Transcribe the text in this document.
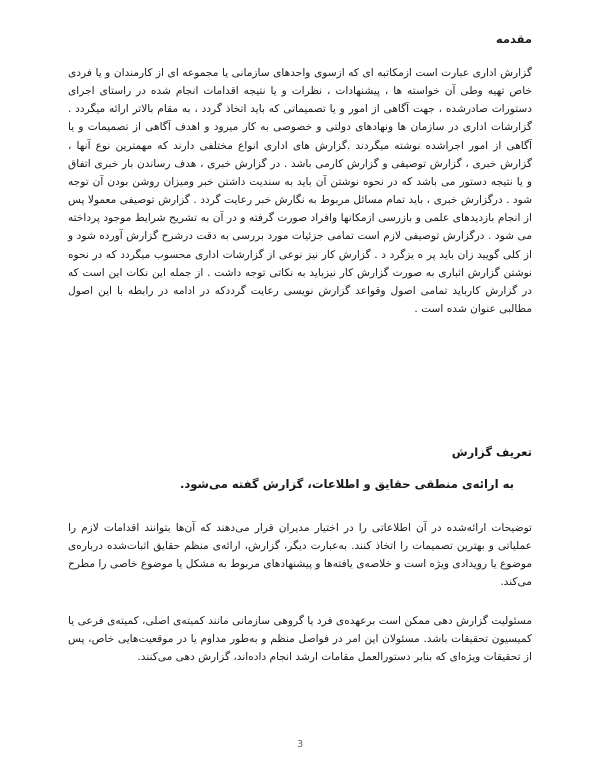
مقدمه
گزارش اداری عبارت است ازمکاتبه ای که ازسوی واحدهای سازمانی یا مجموعه ای از کارمندان و یا فردی خاص تهیه وطی آن خواسته ها ، پیشنهادات ، نظرات و یا نتیجه اقدامات انجام شده در راستای اجرای دستورات صادرشده ، جهت آگاهی از امور و یا تصمیماتی که باید اتخاذ گردد ، به مقام بالاتر ارائه میگردد . گزارشات اداری در سازمان ها ونهادهای دولتی و خصوصی به کار میرود و اهدف آگاهی از تصمیمات و یا آگاهی از امور اجراشده نوشته میگردند .گزارش های اداری انواع مختلفی دارند که مهمترین نوع آنها ، گزارش خبری ، گزارش توصیفی و گزارش کارمی باشد . در گزارش خبری ، هدف رساندن بار خبری اتفاق و یا نتیجه دستور می باشد که در نحوه نوشتن آن باید به سندیت داشتن خبر ومیزان روشن بودن آن توجه شود . درگزارش خبری ، باید تمام مسائل مربوط به نگارش خبر رعایت گردد . گزارش توصیفی معمولا پس از انجام بازدیدهای علمی و بازرسی ازمکانها وافراد صورت گرفته و در آن به تشریح شرایط موجود پرداخته می شود . درگزارش توصیفی لازم است تمامی جزئیات مورد بررسی به دقت درشرح گزارش آورده شود و از کلی گویید زان باید پر ه یزگرد د . گزارش کار نیز نوعی از گزارشات اداری محسوب میگردد که در نحوه نوشتن گزارش اثباری به صورت گزارش کار نیزباید به نکاتی توجه داشت . از جمله این نکات این است که در گزارش کارباید تمامی اصول وقواعد گزارش نویسی رعایت گرددکه در ادامه در رابطه با این اصول مطالبی عنوان شده است .
تعریف گزارش
به ارائه‌ی منطقی حقایق و اطلاعات، گزارش گفته می‌شود.
توضیحات ارائه‌شده در آن اطلاعاتی را در اختیار مدیران قرار می‌دهند که آن‌ها بتوانند اقدامات لازم را عملیاتی و بهترین تصمیمات را اتخاذ کنند. به‌عبارت دیگر، گزارش، ارائه‌ی منظم حقایق اثبات‌شده درباره‌ی موضوع یا رویدادی ویژه است و خلاصه‌ی یافته‌ها و پیشنهادهای مربوط به مشکل یا موضوع خاصی را مطرح می‌کند.
مسئولیت گزارش دهی ممکن است برعهده‌ی فرد یا گروهی سازمانی مانند کمیته‌ی اصلی، کمیته‌ی فرعی یا کمیسیون تحقیقات باشد. مسئولان این امر در فواصل منظم و به‌طور مداوم یا در موقعیت‌هایی خاص، پس از تحقیقات ویژه‌ای که بنابر دستورالعمل مقامات ارشد انجام داده‌اند، گزارش دهی می‌کنند.
3
